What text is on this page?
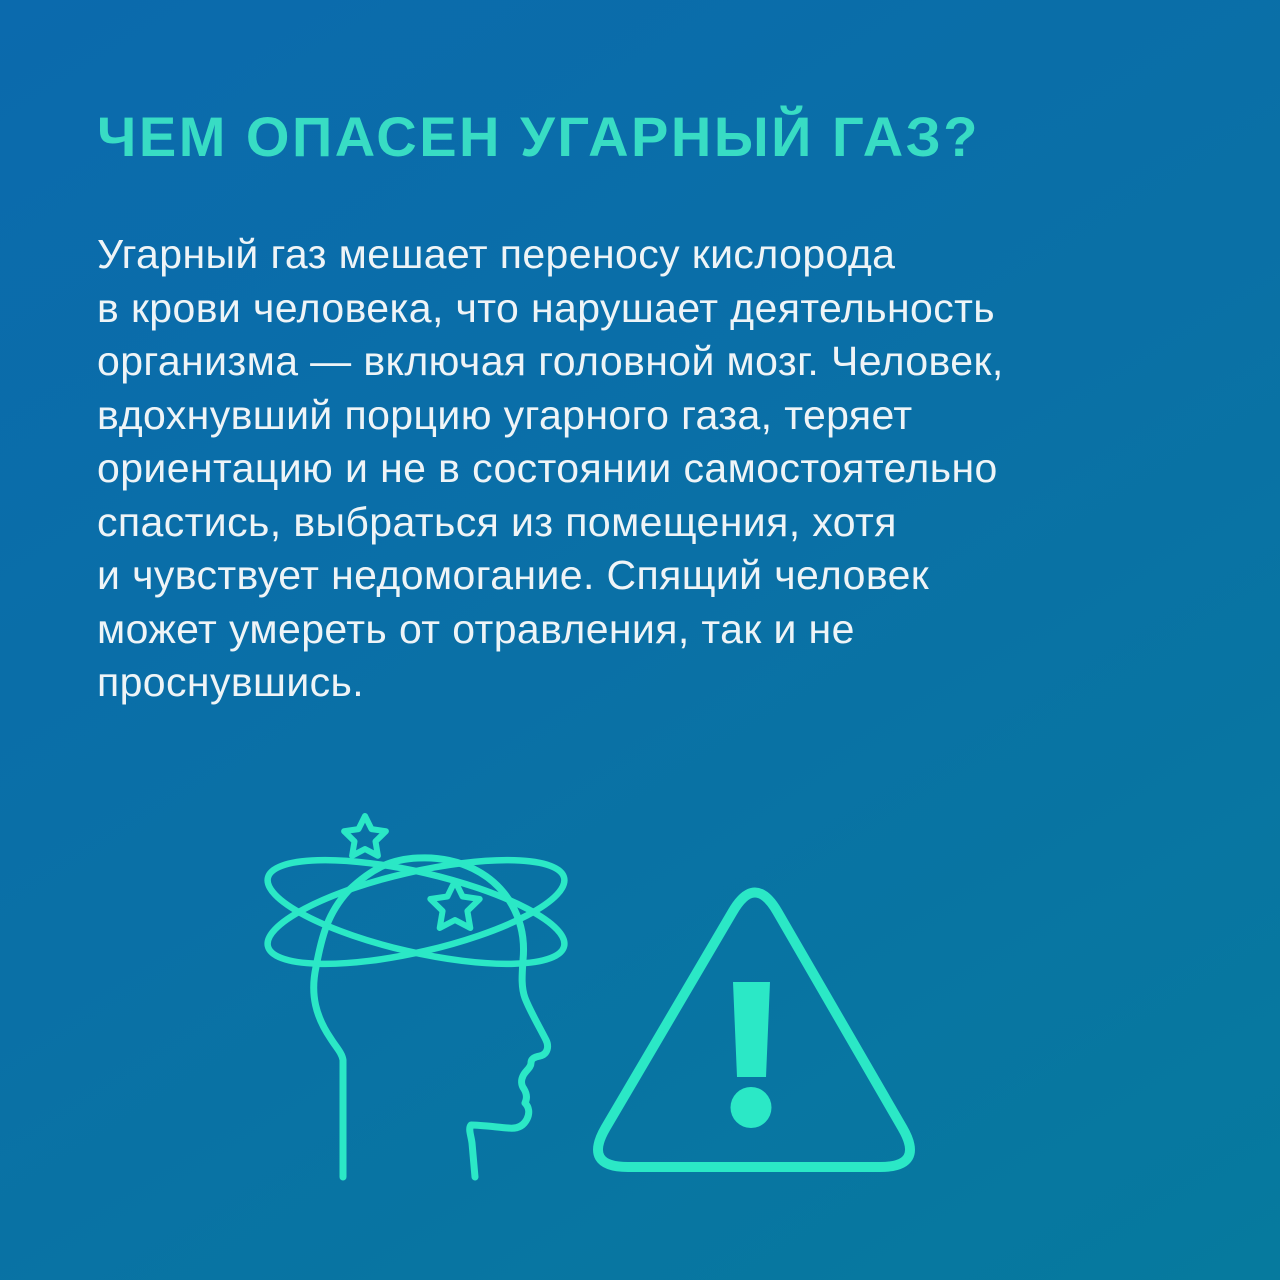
ЧЕМ ОПАСЕН УГАРНЫЙ ГАЗ?
Угарный газ мешает переносу кислорода
в крови человека, что нарушает деятельность
организма — включая головной мозг. Человек,
вдохнувший порцию угарного газа, теряет
ориентацию и не в состоянии самостоятельно
спастись, выбраться из помещения, хотя
и чувствует недомогание. Спящий человек
может умереть от отравления, так и не
проснувшись.
